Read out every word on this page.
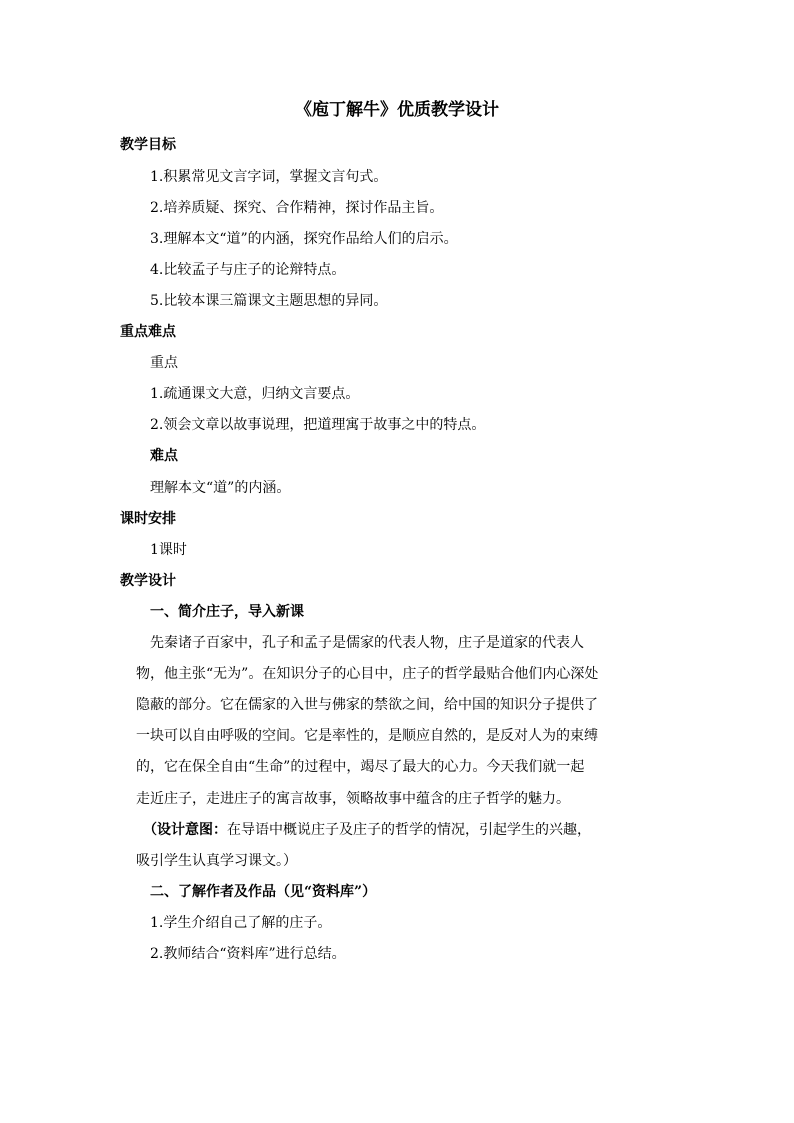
《庖丁解牛》优质教学设计
教学目标
1.积累常见文言字词，掌握文言句式。
2.培养质疑、探究、合作精神，探讨作品主旨。
3.理解本文“道”的内涵，探究作品给人们的启示。
4.比较孟子与庄子的论辩特点。
5.比较本课三篇课文主题思想的异同。
重点难点
重点
1.疏通课文大意，归纳文言要点。
2.领会文章以故事说理，把道理寓于故事之中的特点。
难点
理解本文“道”的内涵。
课时安排
1课时
教学设计
一、简介庄子，导入新课
先秦诸子百家中，孔子和孟子是儒家的代表人物，庄子是道家的代表人
物，他主张“无为”。在知识分子的心目中，庄子的哲学最贴合他们内心深处
隐蔽的部分。它在儒家的入世与佛家的禁欲之间，给中国的知识分子提供了
一块可以自由呼吸的空间。它是率性的，是顺应自然的，是反对人为的束缚
的，它在保全自由“生命”的过程中，竭尽了最大的心力。今天我们就一起
走近庄子，走进庄子的寓言故事，领略故事中蕴含的庄子哲学的魅力。
（设计意图：在导语中概说庄子及庄子的哲学的情况，引起学生的兴趣，
吸引学生认真学习课文。）
二、了解作者及作品（见“资料库”）
1.学生介绍自己了解的庄子。
2.教师结合“资料库”进行总结。
